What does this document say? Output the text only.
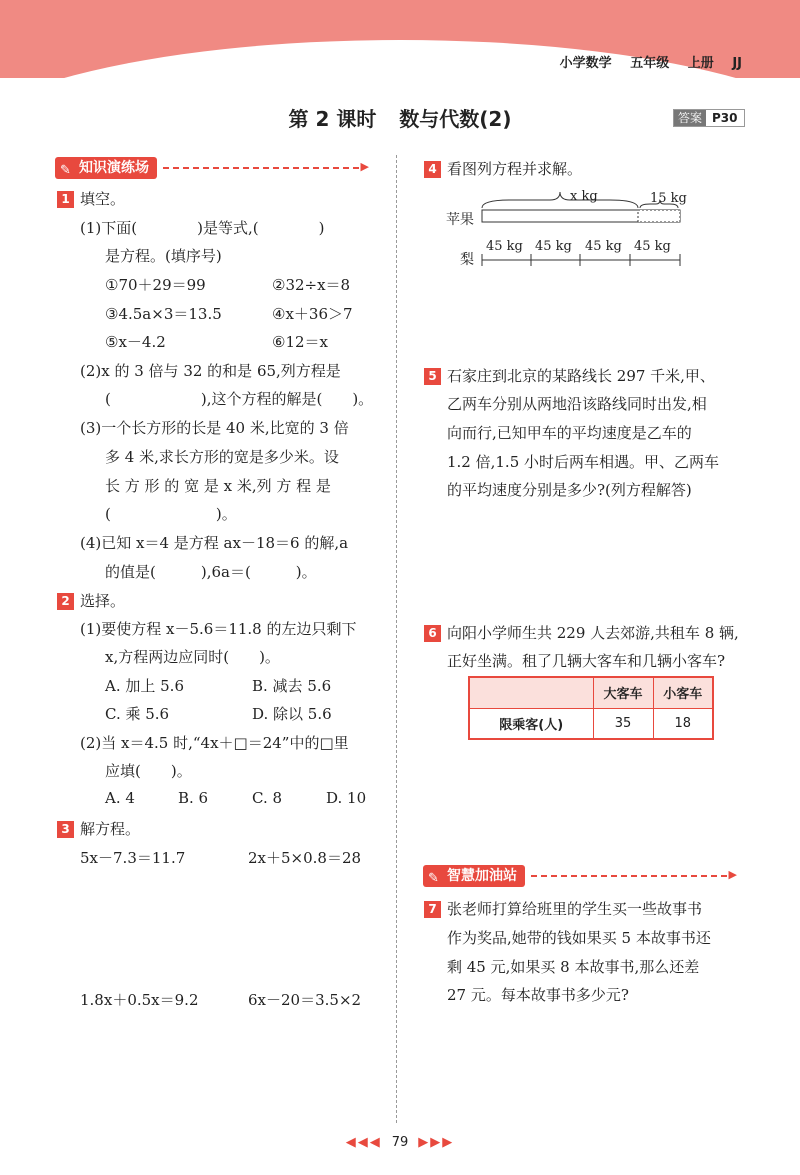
小学数学 五年级 上册 JJ
第 2 课时 数与代数(2)	答案 P30
✎ 知识演练场
▶
1 填空。
(1)下面(　　　　)是等式,(　　　　)
是方程。(填序号)
①70＋29＝99	②32÷x＝8
③4.5a×3＝13.5	④x＋36＞7
⑤x－4.2	⑥12＝x
(2)x 的 3 倍与 32 的和是 65,列方程是
(　　　　　　),这个方程的解是(　　)。
(3)一个长方形的长是 40 米,比宽的 3 倍
多 4 米,求长方形的宽是多少米。设
长 方 形 的 宽 是 x 米,列 方 程 是
(　　　　　　　)。
(4)已知 x＝4 是方程 ax－18＝6 的解,a
的值是(　　　),6a＝(　　　)。
2 选择。
(1)要使方程 x－5.6＝11.8 的左边只剩下
x,方程两边应同时(　　)。
A. 加上 5.6	B. 减去 5.6
C. 乘 5.6	D. 除以 5.6
(2)当 x＝4.5 时,“4x＋□＝24”中的□里
应填(　　)。
A. 4	B. 6	C. 8	D. 10
3 解方程。
5x－7.3＝11.7	2x＋5×0.8＝28
1.8x＋0.5x＝9.2	6x－20＝3.5×2
4 看图列方程并求解。
苹果
梨
x kg	15 kg
45 kg 45 kg 45 kg 45 kg
5 石家庄到北京的某路线长 297 千米,甲、
乙两车分别从两地沿该路线同时出发,相
向而行,已知甲车的平均速度是乙车的
1.2 倍,1.5 小时后两车相遇。甲、乙两车
的平均速度分别是多少?(列方程解答)
6 向阳小学师生共 229 人去郊游,共租车 8 辆,
正好坐满。租了几辆大客车和几辆小客车?
	大客车	小客车
限乘客(人)	35	18
✎ 智慧加油站
▶
7 张老师打算给班里的学生买一些故事书
作为奖品,她带的钱如果买 5 本故事书还
剩 45 元,如果买 8 本故事书,那么还差
27 元。每本故事书多少元?
◀◀◀ 79 ▶▶▶
